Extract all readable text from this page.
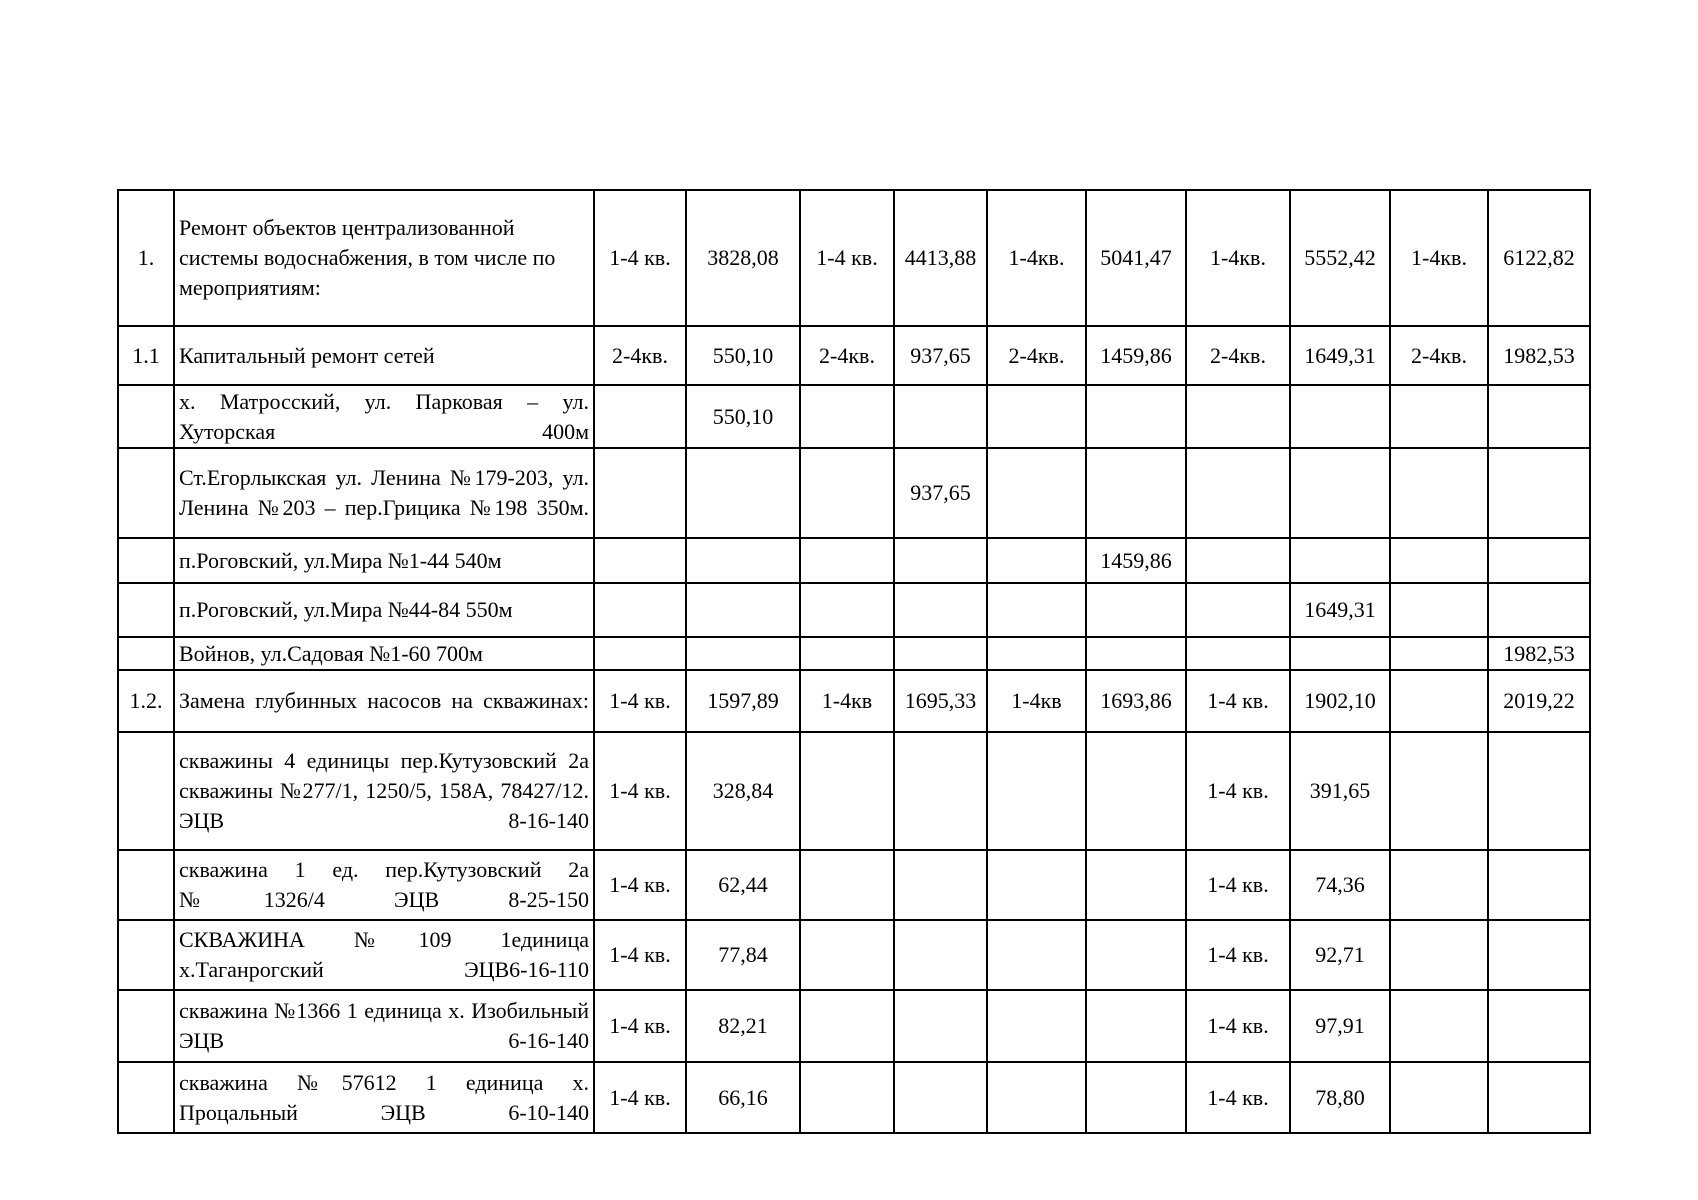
1.	Ремонт объектов централизованной системы водоснабжения, в том числе по мероприятиям:	1-4 кв.	3828,08	1-4 кв.	4413,88	1-4кв.	5041,47	1-4кв.	5552,42	1-4кв.	6122,82
1.1	Капитальный ремонт сетей	2-4кв.	550,10	2-4кв.	937,65	2-4кв.	1459,86	2-4кв.	1649,31	2-4кв.	1982,53
	х. Матросский, ул. Парковая – ул. Хуторская 400м		550,10								
	Ст.Егорлыкская ул. Ленина №179-203, ул. Ленина №203 – пер.Грицика №198 350м.				937,65						
	п.Роговский, ул.Мира №1-44 540м						1459,86				
	п.Роговский, ул.Мира №44-84 550м								1649,31		
	Войнов, ул.Садовая №1-60 700м										1982,53
1.2.	Замена глубинных насосов на скважинах:	1-4 кв.	1597,89	1-4кв	1695,33	1-4кв	1693,86	1-4 кв.	1902,10		2019,22
	скважины 4 единицы пер.Кутузовский 2а скважины №277/1, 1250/5, 158А, 78427/12. ЭЦВ 8-16-140	1-4 кв.	328,84					1-4 кв.	391,65		
	скважина 1 ед. пер.Кутузовский 2а №1326/4 ЭЦВ 8-25-150	1-4 кв.	62,44					1-4 кв.	74,36		
	СКВАЖИНА №109 1единица х.Таганрогский ЭЦВ6-16-110	1-4 кв.	77,84					1-4 кв.	92,71		
	скважина №1366 1 единица х. Изобильный ЭЦВ 6-16-140	1-4 кв.	82,21					1-4 кв.	97,91		
	скважина №57612 1 единица х. Процальный ЭЦВ 6-10-140	1-4 кв.	66,16					1-4 кв.	78,80		
